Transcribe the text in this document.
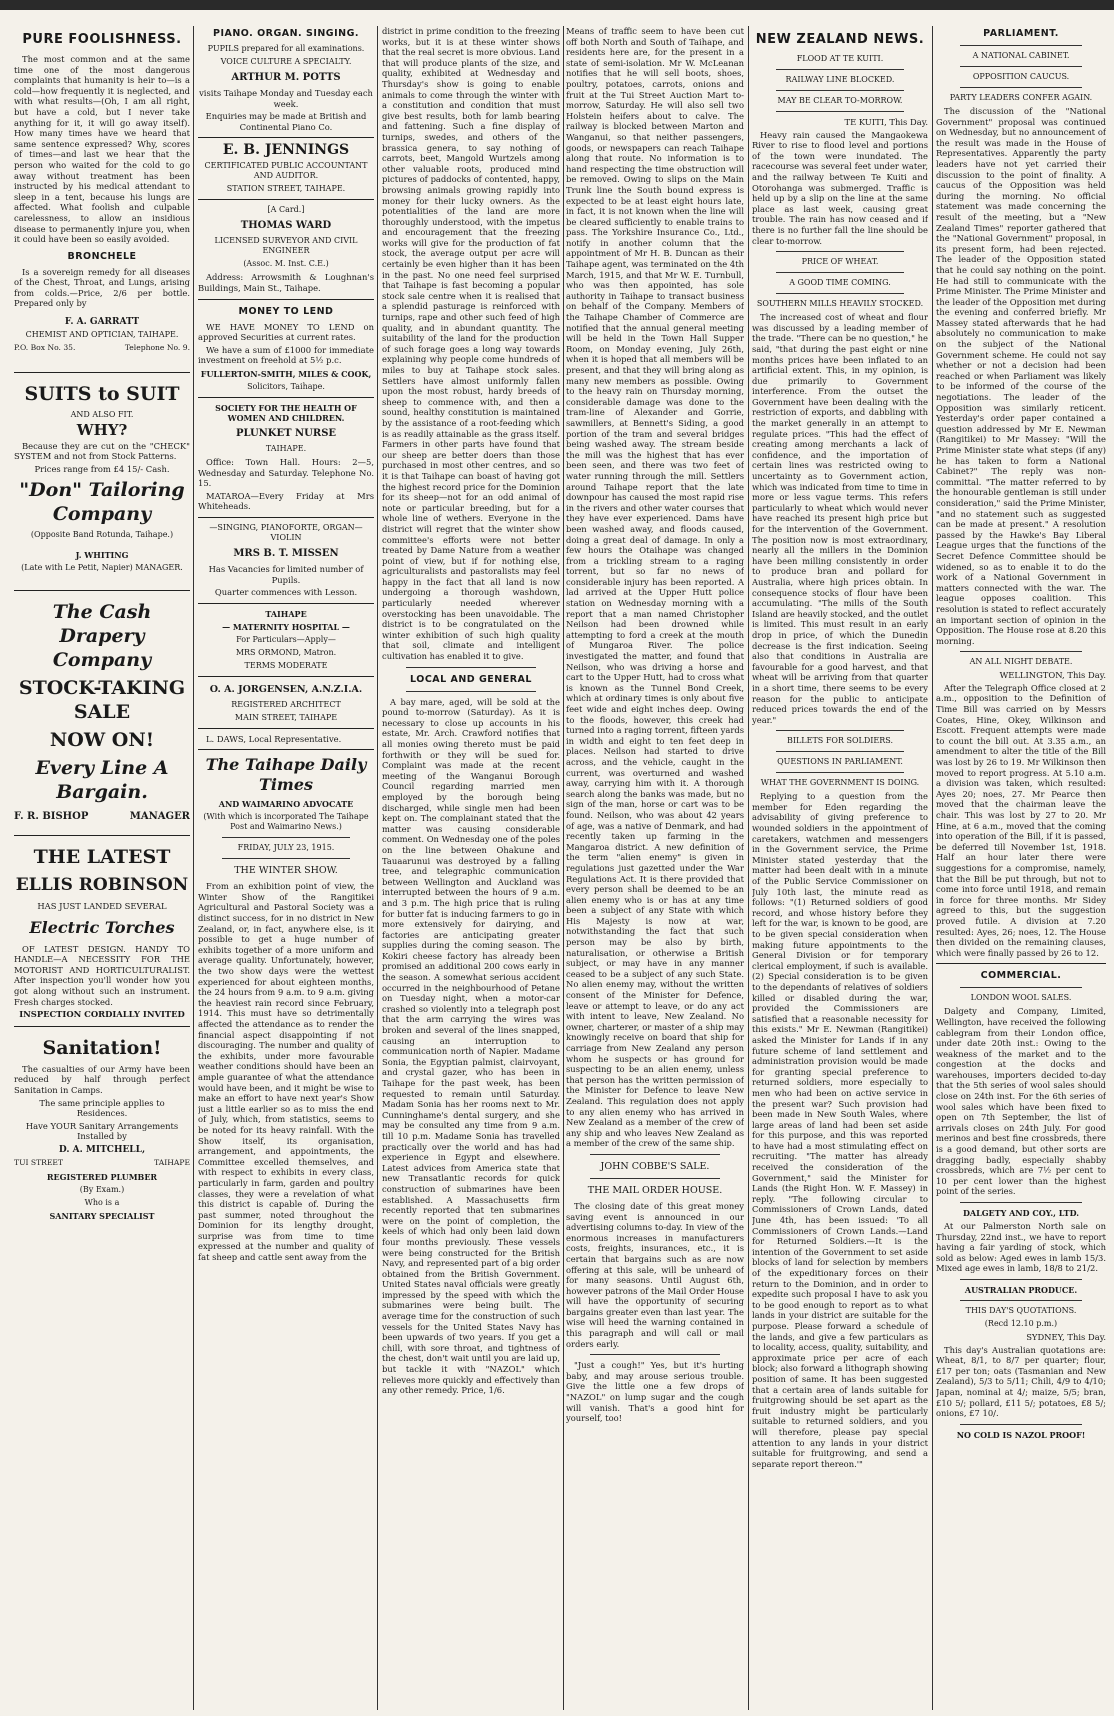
PURE FOOLISHNESS.

The most common and at the same time one of the most dangerous complaints that humanity is heir to—is a cold—how frequently it is neglected, and with what results—(Oh, I am all right, but have a cold, but I never take anything for it, it will go away itself). How many times have we heard that same sentence expressed? Why, scores of times—and last we hear that the person who waited for the cold to go away without treatment has been instructed by his medical attendant to sleep in a tent, because his lungs are affected. What foolish and culpable carelessness, to allow an insidious disease to permanently injure you, when it could have been so easily avoided.

BRONCHELE

Is a sovereign remedy for all diseases of the Chest, Throat, and Lungs, arising from colds.—Price, 2/6 per bottle. Prepared only by

F. A. GARRATT
CHEMIST AND OPTICIAN, TAIHAPE.
P.O. Box No. 35.	Telephone No. 9.
SUITS to SUIT
AND ALSO FIT.
WHY?

Because they are cut on the "CHECK" SYSTEM and not from Stock Patterns.

Prices range from £4 15/- Cash.

"Don" Tailoring Company
(Opposite Band Rotunda, Taihape.)
J. WHITING
(Late with Le Petit, Napier) MANAGER.
The Cash Drapery Company
STOCK-TAKING SALE
NOW ON!
Every Line A Bargain.
F. R. BISHOP	MANAGER
THE LATEST
ELLIS ROBINSON

HAS JUST LANDED SEVERAL

Electric Torches

OF LATEST DESIGN. HANDY TO HANDLE—A NECESSITY FOR THE MOTORIST AND HORTICULTURALIST. After inspection you'll wonder how you got along without such an instrument. Fresh charges stocked.

INSPECTION CORDIALLY INVITED

Sanitation!

The casualties of our Army have been reduced by half through perfect Sanitation in Camps.

The same principle applies to Residences.

Have YOUR Sanitary Arrangements Installed by

D. A. MITCHELL,
TUI STREET	TAIHAPE
REGISTERED PLUMBER
(By Exam.)
Who is a
SANITARY SPECIALIST
PIANO. ORGAN. SINGING.
PUPILS prepared for all examinations.
VOICE CULTURE A SPECIALTY.
ARTHUR M. POTTS

visits Taihape Monday and Tuesday each week.

Enquiries may be made at British and Continental Piano Co.

E. B. JENNINGS
CERTIFICATED PUBLIC ACCOUNTANT AND AUDITOR.
STATION STREET, TAIHAPE.
[A Card.]
THOMAS WARD
LICENSED SURVEYOR AND CIVIL ENGINEER
(Assoc. M. Inst. C.E.)

Address: Arrowsmith & Loughnan's Buildings, Main St., Taihape.

MONEY TO LEND

WE HAVE MONEY TO LEND on approved Securities at current rates.

We have a sum of £1000 for immediate investment on freehold at 5½ p.c.

FULLERTON-SMITH, MILES & COOK,
Solicitors, Taihape.
SOCIETY FOR THE HEALTH OF WOMEN AND CHILDREN.
PLUNKET NURSE
TAIHAPE.

Office: Town Hall. Hours: 2—5, Wednesday and Saturday. Telephone No. 15.

MATAROA—Every Friday at Mrs Whiteheads.

—SINGING, PIANOFORTE, ORGAN—VIOLIN
MRS B. T. MISSEN

Has Vacancies for limited number of Pupils.

Quarter commences with Lesson.

TAIHAPE
— MATERNITY HOSPITAL —
For Particulars—Apply—
MRS ORMOND, Matron.
TERMS MODERATE
O. A. JORGENSEN, A.N.Z.I.A.
REGISTERED ARCHITECT
MAIN STREET, TAIHAPE

L. DAWS, Local Representative.

The Taihape Daily Times
AND WAIMARINO ADVOCATE
(With which is incorporated The Taihape Post and Waimarino News.)
FRIDAY, JULY 23, 1915.
THE WINTER SHOW.

From an exhibition point of view, the Winter Show of the Rangitikei Agricultural and Pastoral Society was a distinct success, for in no district in New Zealand, or, in fact, anywhere else, is it possible to get a huge number of exhibits together of a more uniform and average quality. Unfortunately, however, the two show days were the wettest experienced for about eighteen months, the 24 hours from 9 a.m. to 9 a.m. giving the heaviest rain record since February, 1914. This must have so detrimentally affected the attendance as to render the financial aspect disappointing if not discouraging. The number and quality of the exhibits, under more favourable weather conditions should have been an ample guarantee of what the attendance would have been, and it might be wise to make an effort to have next year's Show just a little earlier so as to miss the end of July, which, from statistics, seems to be noted for its heavy rainfall. With the Show itself, its organisation, arrangement, and appointments, the Committee excelled themselves, and with respect to exhibits in every class, particularly in farm, garden and poultry classes, they were a revelation of what this district is capable of. During the past summer, noted throughout the Dominion for its lengthy drought, surprise was from time to time expressed at the number and quality of fat sheep and cattle sent away from the

district in prime condition to the freezing works, but it is at these winter shows that the real secret is more obvious. Land that will produce plants of the size, and quality, exhibited at Wednesday and Thursday's show is going to enable animals to come through the winter with a constitution and condition that must give best results, both for lamb bearing and fattening. Such a fine display of turnips, swedes, and others of the brassica genera, to say nothing of carrots, beet, Mangold Wurtzels among other valuable roots, produced mind pictures of paddocks of contented, happy, browsing animals growing rapidly into money for their lucky owners. As the potentialities of the land are more thoroughly understood, with the impetus and encouragement that the freezing works will give for the production of fat stock, the average output per acre will certainly be even higher than it has been in the past. No one need feel surprised that Taihape is fast becoming a popular stock sale centre when it is realised that a splendid pasturage is reinforced with turnips, rape and other such feed of high quality, and in abundant quantity. The suitability of the land for the production of such forage goes a long way towards explaining why people come hundreds of miles to buy at Taihape stock sales. Settlers have almost uniformly fallen upon the most robust, hardy breeds of sheep to commence with, and then a sound, healthy constitution is maintained by the assistance of a root-feeding which is as readily attainable as the grass itself. Farmers in other parts have found that our sheep are better doers than those purchased in most other centres, and so it is that Taihape can boast of having got the highest record price for the Dominion for its sheep—not for an odd animal of note or particular breeding, but for a whole line of wethers. Everyone in the district will regret that the winter show committee's efforts were not better treated by Dame Nature from a weather point of view, but if for nothing else, agriculturalists and pastoralists may feel happy in the fact that all land is now undergoing a thorough washdown, particularly needed wherever overstocking has been unavoidable. The district is to be congratulated on the winter exhibition of such high quality that soil, climate and intelligent cultivation has enabled it to give.

LOCAL AND GENERAL

A bay mare, aged, will be sold at the pound to-morrow (Saturday). As it is necessary to close up accounts in his estate, Mr. Arch. Crawford notifies that all monies owing thereto must be paid forthwith or they will be sued for. Complaint was made at the recent meeting of the Wanganui Borough Council regarding married men employed by the borough being discharged, while single men had been kept on. The complainant stated that the matter was causing considerable comment. On Wednesday one of the poles on the line between Ohakune and Tauaarunui was destroyed by a falling tree, and telegraphic communication between Wellington and Auckland was interrupted between the hours of 9 a.m. and 3 p.m. The high price that is ruling for butter fat is inducing farmers to go in more extensively for dairying, and factories are anticipating greater supplies during the coming season. The Kokiri cheese factory has already been promised an additional 200 cows early in the season. A somewhat serious accident occurred in the neighbourhood of Petane on Tuesday night, when a motor-car crashed so violently into a telegraph post that the arm carrying the wires was broken and several of the lines snapped, causing an interruption to communication north of Napier. Madame Sonia, the Egyptian palmist, clairvoyant, and crystal gazer, who has been in Taihape for the past week, has been requested to remain until Saturday. Madam Sonia has her rooms next to Mr. Cunninghame's dental surgery, and she may be consulted any time from 9 a.m. till 10 p.m. Madame Sonia has travelled practically over the world and has had experience in Egypt and elsewhere. Latest advices from America state that new Transatlantic records for quick construction of submarines have been established. A Massachusetts firm recently reported that ten submarines were on the point of completion, the keels of which had only been laid down four months previously. These vessels were being constructed for the British Navy, and represented part of a big order obtained from the British Government. United States naval officials were greatly impressed by the speed with which the submarines were being built. The average time for the construction of such vessels for the United States Navy has been upwards of two years. If you get a chill, with sore throat, and tightness of the chest, don't wait until you are laid up, but tackle it with "NAZOL" which relieves more quickly and effectively than any other remedy. Price, 1/6.

Means of traffic seem to have been cut off both North and South of Taihape, and residents here are, for the present in a state of semi-isolation. Mr W. McLeanan notifies that he will sell boots, shoes, poultry, potatoes, carrots, onions and fruit at the Tui Street Auction Mart to-morrow, Saturday. He will also sell two Holstein heifers about to calve. The railway is blocked between Marton and Wanganui, so that neither passengers, goods, or newspapers can reach Taihape along that route. No information is to hand respecting the time obstruction will be removed. Owing to slips on the Main Trunk line the South bound express is expected to be at least eight hours late, in fact, it is not known when the line will be cleared sufficiently to enable trains to pass. The Yorkshire Insurance Co., Ltd., notify in another column that the appointment of Mr H. B. Duncan as their Taihape agent, was terminated on the 4th March, 1915, and that Mr W. E. Turnbull, who was then appointed, has sole authority in Taihape to transact business on behalf of the Company. Members of the Taihape Chamber of Commerce are notified that the annual general meeting will be held in the Town Hall Supper Room, on Monday evening, July 26th, when it is hoped that all members will be present, and that they will bring along as many new members as possible. Owing to the heavy rain on Thursday morning, considerable damage was done to the tram-line of Alexander and Gorrie, sawmillers, at Bennett's Siding, a good portion of the tram and several bridges being washed away. The stream beside the mill was the highest that has ever been seen, and there was two feet of water running through the mill. Settlers around Taihape report that the late downpour has caused the most rapid rise in the rivers and other water courses that they have ever experienced. Dams have been washed away, and floods caused, doing a great deal of damage. In only a few hours the Otaihape was changed from a trickling stream to a raging torrent, but so far no news of considerable injury has been reported. A lad arrived at the Upper Hutt police station on Wednesday morning with a report that a man named Christopher Neilson had been drowned while attempting to ford a creek at the mouth of Mungaroa River. The police investigated the matter, and found that Neilson, who was driving a horse and cart to the Upper Hutt, had to cross what is known as the Tunnel Bond Creek, which at ordinary times is only about five feet wide and eight inches deep. Owing to the floods, however, this creek had turned into a raging torrent, fifteen yards in width and eight to ten feet deep in places. Neilson had started to drive across, and the vehicle, caught in the current, was overturned and washed away, carrying him with it. A thorough search along the banks was made, but no sign of the man, horse or cart was to be found. Neilson, who was about 42 years of age, was a native of Denmark, and had recently taken up farming in the Mangaroa district. A new definition of the term "alien enemy" is given in regulations just gazetted under the War Regulations Act. It is there provided that every person shall be deemed to be an alien enemy who is or has at any time been a subject of any State with which His Majesty is now at war, notwithstanding the fact that such person may be also by birth, naturalisation, or otherwise a British subject, or may have in any manner ceased to be a subject of any such State. No alien enemy may, without the written consent of the Minister for Defence, leave or attempt to leave, or do any act with intent to leave, New Zealand. No owner, charterer, or master of a ship may knowingly receive on board that ship for carriage from New Zealand any person whom he suspects or has ground for suspecting to be an alien enemy, unless that person has the written permission of the Minister for Defence to leave New Zealand. This regulation does not apply to any alien enemy who has arrived in New Zealand as a member of the crew of any ship and who leaves New Zealand as a member of the crew of the same ship.

JOHN COBBE'S SALE.
THE MAIL ORDER HOUSE.

The closing date of this great money saving event is announced in our advertising columns to-day. In view of the enormous increases in manufacturers costs, freights, insurances, etc., it is certain that bargains such as are now offering at this sale, will be unheard of for many seasons. Until August 6th, however patrons of the Mail Order House will have the opportunity of securing bargains greater even than last year. The wise will heed the warning contained in this paragraph and will call or mail orders early.

"Just a cough!" Yes, but it's hurting baby, and may arouse serious trouble. Give the little one a few drops of "NAZOL" on lump sugar and the cough will vanish. That's a good hint for yourself, too!

NEW ZEALAND NEWS.
FLOOD AT TE KUITI.
RAILWAY LINE BLOCKED.
MAY BE CLEAR TO-MORROW.

TE KUITI, This Day.

Heavy rain caused the Mangaokewa River to rise to flood level and portions of the town were inundated. The racecourse was several feet under water, and the railway between Te Kuiti and Otorohanga was submerged. Traffic is held up by a slip on the line at the same place as last week, causing great trouble. The rain has now ceased and if there is no further fall the line should be clear to-morrow.

PRICE OF WHEAT.
A GOOD TIME COMING.
SOUTHERN MILLS HEAVILY STOCKED.

The increased cost of wheat and flour was discussed by a leading member of the trade. "There can be no question," he said, "that during the past eight or nine months prices have been inflated to an artificial extent. This, in my opinion, is due primarily to Government interference. From the outset the Government have been dealing with the restriction of exports, and dabbling with the market generally in an attempt to regulate prices. "This had the effect of creating among merchants a lack of confidence, and the importation of certain lines was restricted owing to uncertainty as to Government action, which was indicated from time to time in more or less vague terms. This refers particularly to wheat which would never have reached its present high price but for the intervention of the Government. The position now is most extraordinary, nearly all the millers in the Dominion have been milling consistently in order to produce bran and pollard for Australia, where high prices obtain. In consequence stocks of flour have been accumulating. "The mills of the South Island are heavily stocked, and the outlet is limited. This must result in an early drop in price, of which the Dunedin decrease is the first indication. Seeing also that conditions in Australia are favourable for a good harvest, and that wheat will be arriving from that quarter in a short time, there seems to be every reason for the public to anticipate reduced prices towards the end of the year."

BILLETS FOR SOLDIERS.
QUESTIONS IN PARLIAMENT.
WHAT THE GOVERNMENT IS DOING.

Replying to a question from the member for Eden regarding the advisability of giving preference to wounded soldiers in the appointment of caretakers, watchmen and messengers in the Government service, the Prime Minister stated yesterday that the matter had been dealt with in a minute of the Public Service Commissioner on July 10th last, the minute read as follows: "(1) Returned soldiers of good record, and whose history before they left for the war, is known to be good, are to be given special consideration when making future appointments to the General Division or for temporary clerical employment, if such is available. (2) Special consideration is to be given to the dependants of relatives of soldiers killed or disabled during the war, provided the Commissioners are satisfied that a reasonable necessity for this exists." Mr E. Newman (Rangitikei) asked the Minister for Lands if in any future scheme of land settlement and administration provision would be made for granting special preference to returned soldiers, more especially to men who had been on active service in the present war? Such provision had been made in New South Wales, where large areas of land had been set aside for this purpose, and this was reported to have had a most stimulating effect on recruiting. "The matter has already received the consideration of the Government," said the Minister for Lands (the Right Hon. W. F. Massey) in reply. "The following circular to Commissioners of Crown Lands, dated June 4th, has been issued: 'To all Commissioners of Crown Lands.—Land for Returned Soldiers.—It is the intention of the Government to set aside blocks of land for selection by members of the expeditionary forces on their return to the Dominion, and in order to expedite such proposal I have to ask you to be good enough to report as to what lands in your district are suitable for the purpose. Please forward a schedule of the lands, and give a few particulars as to locality, access, quality, suitability, and approximate price per acre of each block; also forward a lithograph showing position of same. It has been suggested that a certain area of lands suitable for fruitgrowing should be set apart as the fruit industry might be particularly suitable to returned soldiers, and you will therefore, please pay special attention to any lands in your district suitable for fruitgrowing, and send a separate report thereon.'"

PARLIAMENT.
A NATIONAL CABINET.
OPPOSITION CAUCUS.
PARTY LEADERS CONFER AGAIN.

The discussion of the "National Government" proposal was continued on Wednesday, but no announcement of the result was made in the House of Representatives. Apparently the party leaders have not yet carried their discussion to the point of finality. A caucus of the Opposition was held during the morning. No official statement was made concerning the result of the meeting, but a "New Zealand Times" reporter gathered that the "National Government" proposal, in its present form, had been rejected. The leader of the Opposition stated that he could say nothing on the point. He had still to communicate with the Prime Minister. The Prime Minister and the leader of the Opposition met during the evening and conferred briefly. Mr Massey stated afterwards that he had absolutely no communication to make on the subject of the National Government scheme. He could not say whether or not a decision had been reached or when Parliament was likely to be informed of the course of the negotiations. The leader of the Opposition was similarly reticent. Yesterday's order paper contained a question addressed by Mr E. Newman (Rangitikei) to Mr Massey: "Will the Prime Minister state what steps (if any) he has taken to form a National Cabinet?" The reply was non-committal. "The matter referred to by the honourable gentleman is still under consideration," said the Prime Minister, "and no statement such as suggested can be made at present." A resolution passed by the Hawke's Bay Liberal League urges that the functions of the Secret Defence Committee should be widened, so as to enable it to do the work of a National Government in matters connected with the war. The league opposes coalition. This resolution is stated to reflect accurately an important section of opinion in the Opposition. The House rose at 8.20 this morning.

AN ALL NIGHT DEBATE.

WELLINGTON, This Day.

After the Telegraph Office closed at 2 a.m., opposition to the Definition of Time Bill was carried on by Messrs Coates, Hine, Okey, Wilkinson and Escott. Frequent attempts were made to count the bill out. At 3.35 a.m., an amendment to alter the title of the Bill was lost by 26 to 19. Mr Wilkinson then moved to report progress. At 5.10 a.m. a division was taken, which resulted: Ayes 20; noes, 27. Mr Pearce then moved that the chairman leave the chair. This was lost by 27 to 20. Mr Hine, at 6 a.m., moved that the coming into operation of the Bill, if it is passed, be deferred till November 1st, 1918. Half an hour later there were suggestions for a compromise, namely, that the Bill be put through, but not to come into force until 1918, and remain in force for three months. Mr Sidey agreed to this, but the suggestion proved futile. A division at 7.20 resulted: Ayes, 26; noes, 12. The House then divided on the remaining clauses, which were finally passed by 26 to 12.

COMMERCIAL.
LONDON WOOL SALES.

Dalgety and Company, Limited, Wellington, have received the following cablegram from their London office, under date 20th inst.: Owing to the weakness of the market and to the congestion at the docks and warehouses, importers decided to-day that the 5th series of wool sales should close on 24th inst. For the 6th series of wool sales which have been fixed to open on 7th September, the list of arrivals closes on 24th July. For good merinos and best fine crossbreds, there is a good demand, but other sorts are dragging badly, especially shabby crossbreds, which are 7½ per cent to 10 per cent lower than the highest point of the series.

DALGETY AND COY., LTD.

At our Palmerston North sale on Thursday, 22nd inst., we have to report having a fair yarding of stock, which sold as below: Aged ewes in lamb 15/3. Mixed age ewes in lamb, 18/8 to 21/2.

AUSTRALIAN PRODUCE.
THIS DAY'S QUOTATIONS.
(Recd 12.10 p.m.)

SYDNEY, This Day.

This day's Australian quotations are: Wheat, 8/1, to 8/7 per quarter; flour, £17 per ton; oats (Tasmanian and New Zealand), 5/3 to 5/11; Chili, 4/9 to 4/10; Japan, nominal at 4/; maize, 5/5; bran, £10 5/; pollard, £11 5/; potatoes, £8 5/; onions, £7 10/.

NO COLD IS NAZOL PROOF!
